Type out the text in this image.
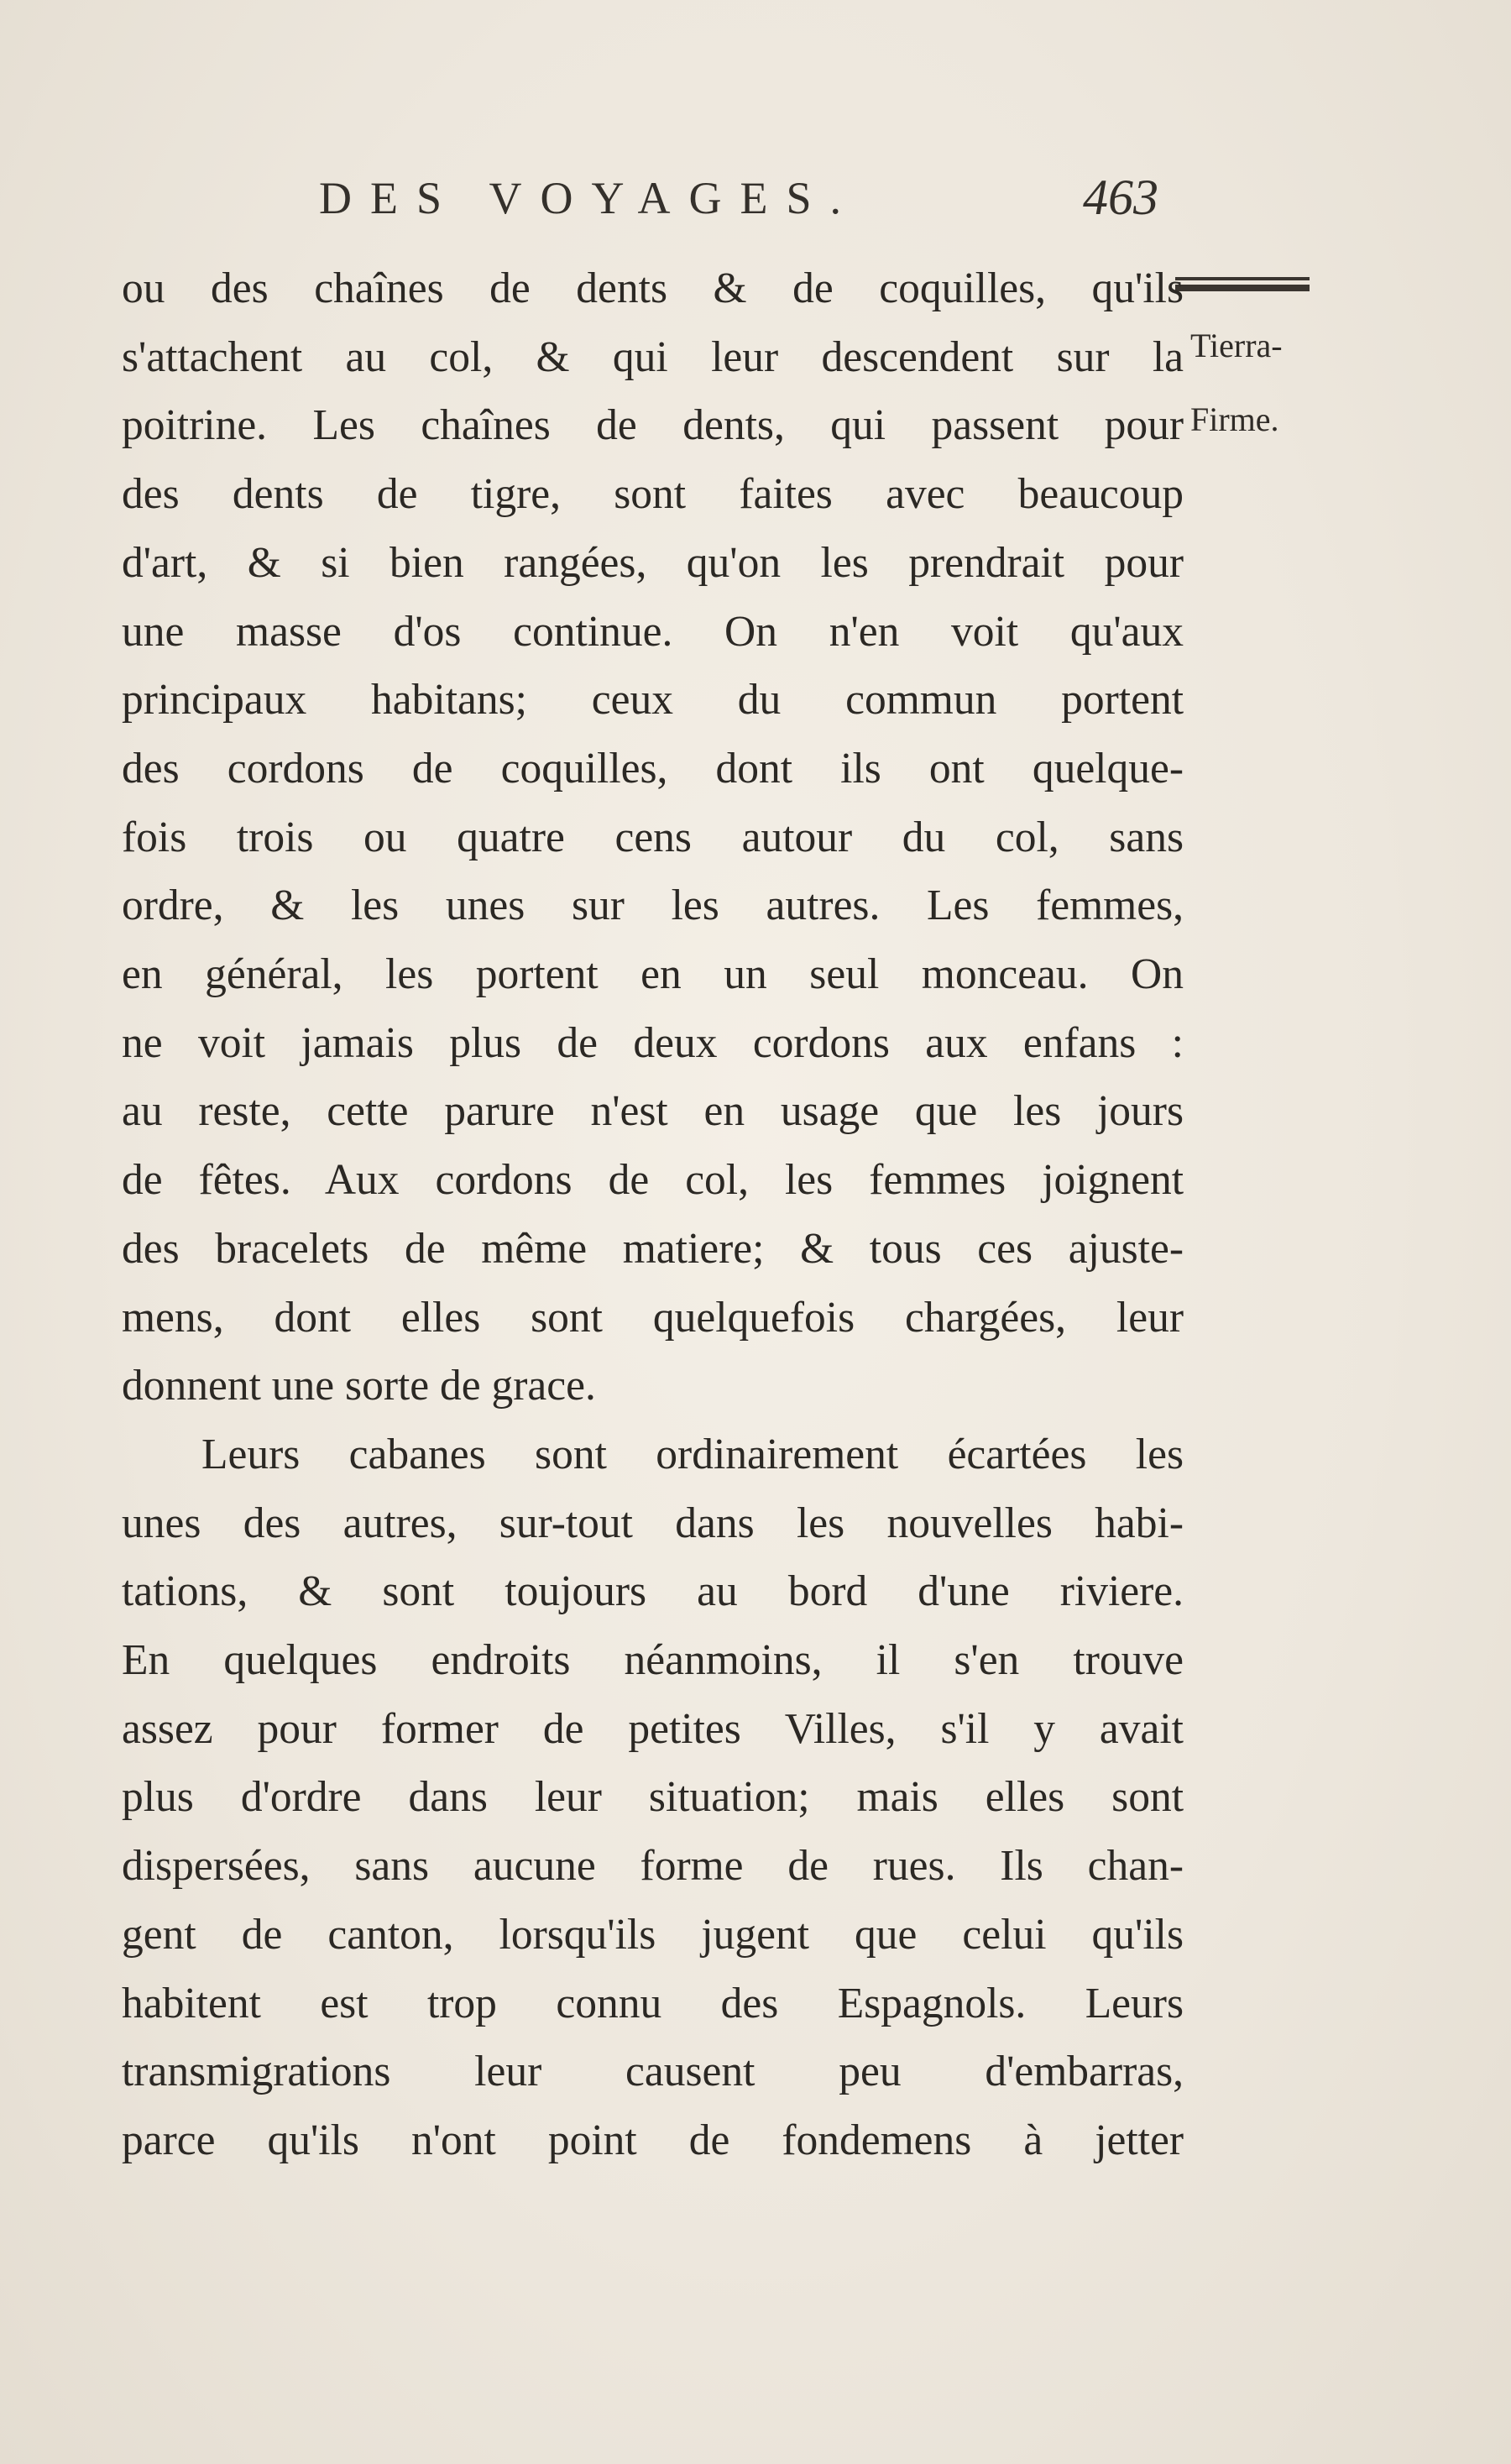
DES VOYAGES.	463
Tierra-
Firme.
ou des chaînes de dents & de coquilles, qu'ils
s'attachent au col, & qui leur descendent sur la
poitrine. Les chaînes de dents, qui passent pour
des dents de tigre, sont faites avec beaucoup
d'art, & si bien rangées, qu'on les prendrait pour
une masse d'os continue. On n'en voit qu'aux
principaux habitans; ceux du commun portent
des cordons de coquilles, dont ils ont quelque-
fois trois ou quatre cens autour du col, sans
ordre, & les unes sur les autres. Les femmes,
en général, les portent en un seul monceau. On
ne voit jamais plus de deux cordons aux enfans :
au reste, cette parure n'est en usage que les jours
de fêtes. Aux cordons de col, les femmes joignent
des bracelets de même matiere; & tous ces ajuste-
mens, dont elles sont quelquefois chargées, leur
donnent une sorte de grace.
Leurs cabanes sont ordinairement écartées les
unes des autres, sur-tout dans les nouvelles habi-
tations, & sont toujours au bord d'une riviere.
En quelques endroits néanmoins, il s'en trouve
assez pour former de petites Villes, s'il y avait
plus d'ordre dans leur situation; mais elles sont
dispersées, sans aucune forme de rues. Ils chan-
gent de canton, lorsqu'ils jugent que celui qu'ils
habitent est trop connu des Espagnols. Leurs
transmigrations leur causent peu d'embarras,
parce qu'ils n'ont point de fondemens à jetter
